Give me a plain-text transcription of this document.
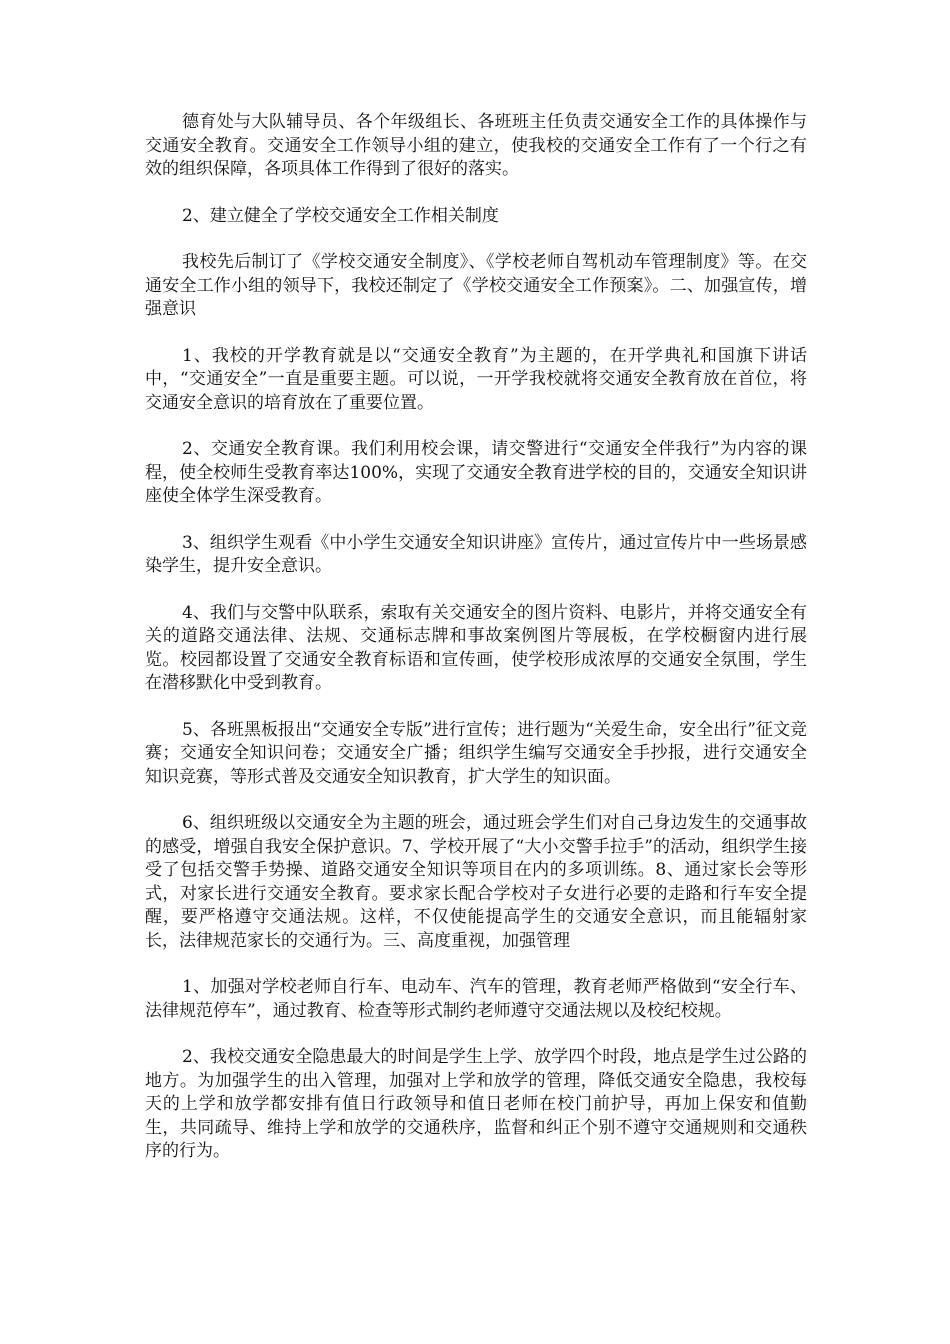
德育处与大队辅导员、各个年级组长、各班班主任负责交通安全工作的具体操作与交通安全教育。交通安全工作领导小组的建立，使我校的交通安全工作有了一个行之有效的组织保障，各项具体工作得到了很好的落实。

2、建立健全了学校交通安全工作相关制度

我校先后制订了《学校交通安全制度》、《学校老师自驾机动车管理制度》等。在交通安全工作小组的领导下，我校还制定了《学校交通安全工作预案》。二、加强宣传，增强意识

1、我校的开学教育就是以“交通安全教育”为主题的，在开学典礼和国旗下讲话中，“交通安全”一直是重要主题。可以说，一开学我校就将交通安全教育放在首位，将交通安全意识的培育放在了重要位置。

2、交通安全教育课。我们利用校会课，请交警进行“交通安全伴我行”为内容的课程，使全校师生受教育率达100%，实现了交通安全教育进学校的目的，交通安全知识讲座使全体学生深受教育。

3、组织学生观看《中小学生交通安全知识讲座》宣传片，通过宣传片中一些场景感染学生，提升安全意识。

4、我们与交警中队联系，索取有关交通安全的图片资料、电影片，并将交通安全有关的道路交通法律、法规、交通标志牌和事故案例图片等展板，在学校橱窗内进行展览。校园都设置了交通安全教育标语和宣传画，使学校形成浓厚的交通安全氛围，学生在潜移默化中受到教育。

5、各班黑板报出“交通安全专版”进行宣传；进行题为“关爱生命，安全出行”征文竞赛；交通安全知识问卷；交通安全广播；组织学生编写交通安全手抄报，进行交通安全知识竞赛，等形式普及交通安全知识教育，扩大学生的知识面。

6、组织班级以交通安全为主题的班会，通过班会学生们对自己身边发生的交通事故的感受，增强自我安全保护意识。7、学校开展了“大小交警手拉手”的活动，组织学生接受了包括交警手势操、道路交通安全知识等项目在内的多项训练。8、通过家长会等形式，对家长进行交通安全教育。要求家长配合学校对子女进行必要的走路和行车安全提醒，要严格遵守交通法规。这样，不仅使能提高学生的交通安全意识，而且能辐射家长，法律规范家长的交通行为。三、高度重视，加强管理

1、加强对学校老师自行车、电动车、汽车的管理，教育老师严格做到“安全行车、法律规范停车”，通过教育、检查等形式制约老师遵守交通法规以及校纪校规。

2、我校交通安全隐患最大的时间是学生上学、放学四个时段，地点是学生过公路的地方。为加强学生的出入管理，加强对上学和放学的管理，降低交通安全隐患，我校每天的上学和放学都安排有值日行政领导和值日老师在校门前护导，再加上保安和值勤生，共同疏导、维持上学和放学的交通秩序，监督和纠正个别不遵守交通规则和交通秩序的行为。
